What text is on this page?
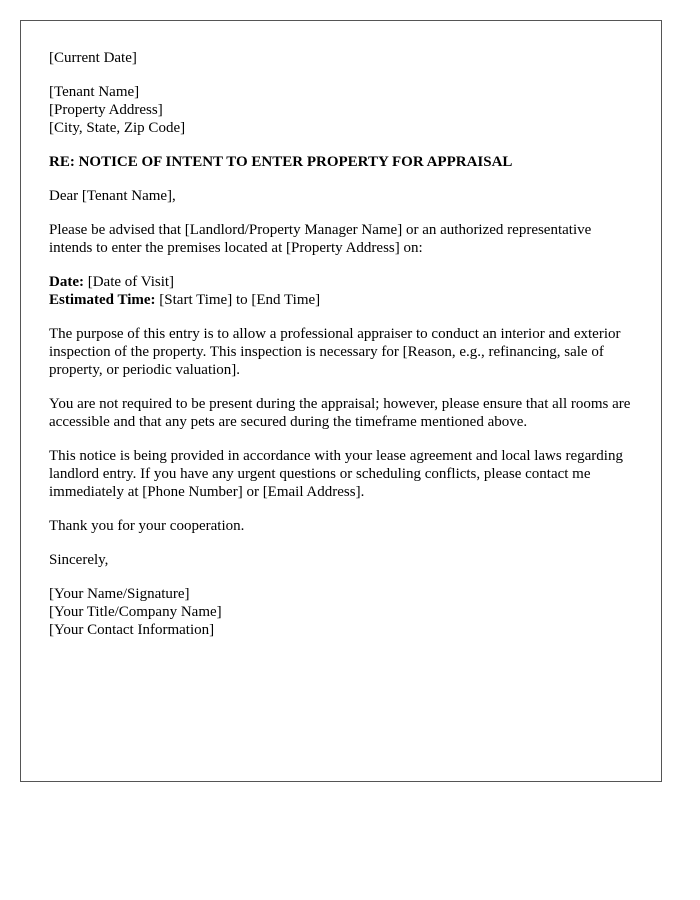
[Current Date]

[Tenant Name]
[Property Address]
[City, State, Zip Code]

RE: NOTICE OF INTENT TO ENTER PROPERTY FOR APPRAISAL

Dear [Tenant Name],

Please be advised that [Landlord/Property Manager Name] or an authorized representative intends to enter the premises located at [Property Address] on:

Date: [Date of Visit]
Estimated Time: [Start Time] to [End Time]

The purpose of this entry is to allow a professional appraiser to conduct an interior and exterior inspection of the property. This inspection is necessary for [Reason, e.g., refinancing, sale of property, or periodic valuation].

You are not required to be present during the appraisal; however, please ensure that all rooms are accessible and that any pets are secured during the timeframe mentioned above.

This notice is being provided in accordance with your lease agreement and local laws regarding landlord entry. If you have any urgent questions or scheduling conflicts, please contact me immediately at [Phone Number] or [Email Address].

Thank you for your cooperation.

Sincerely,

[Your Name/Signature]
[Your Title/Company Name]
[Your Contact Information]
